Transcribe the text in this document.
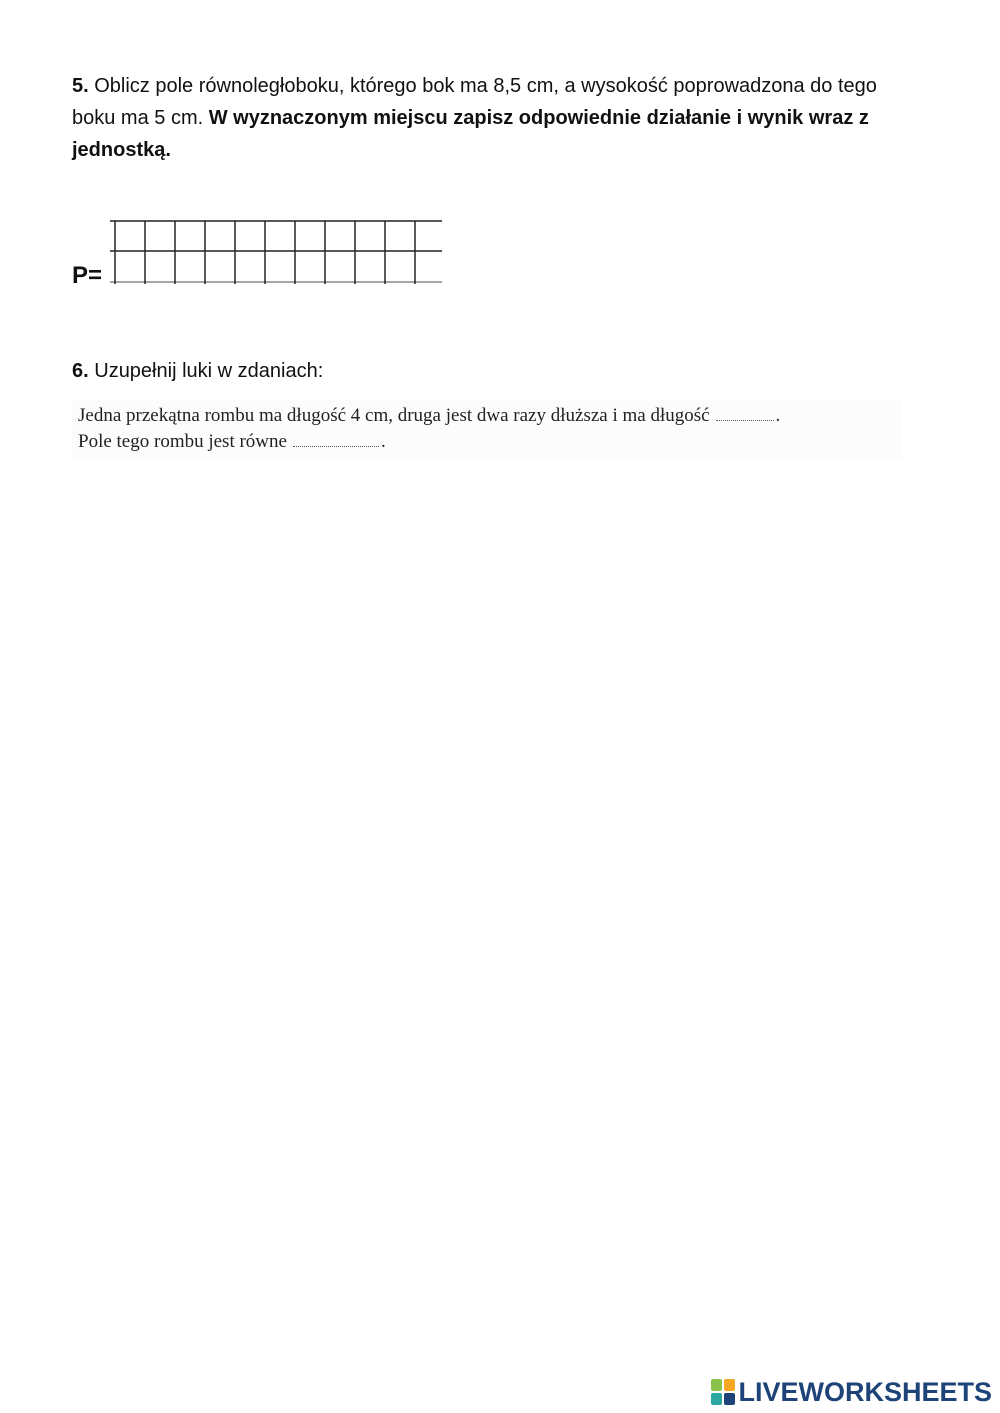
5. Oblicz pole równoległoboku, którego bok ma 8,5 cm, a wysokość poprowadzona do tego boku ma 5 cm. W wyznaczonym miejscu zapisz odpowiednie działanie i wynik wraz z jednostką.
P=
6. Uzupełnij luki w zdaniach:
Jedna przekątna rombu ma długość 4 cm, druga jest dwa razy dłuższa i ma długość	.
Pole tego rombu jest równe	.
LIVEWORKSHEETS
